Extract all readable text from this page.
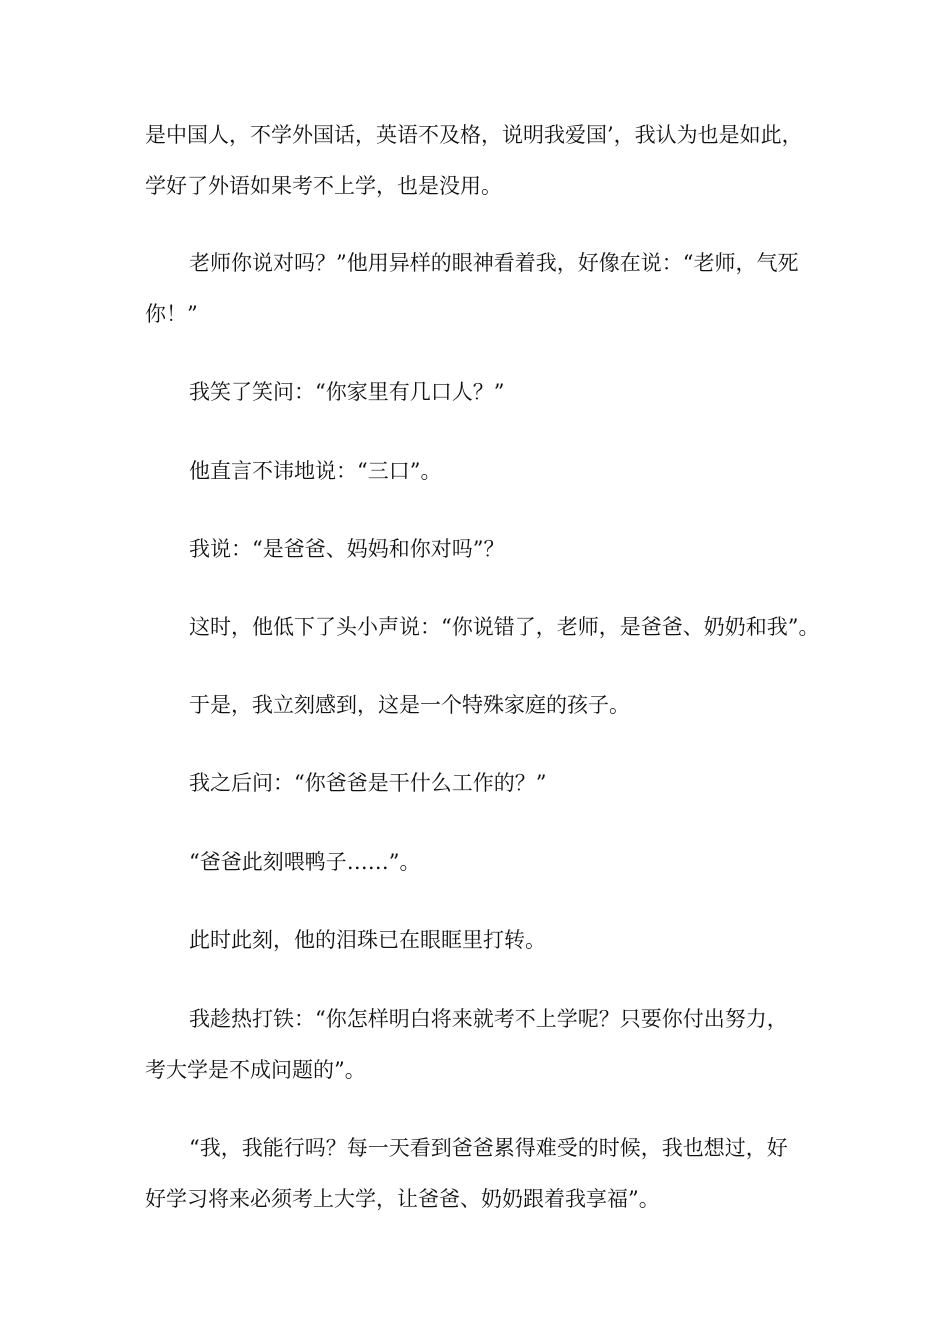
是中国人，不学外国话，英语不及格，说明我爱国’，我认为也是如此，
学好了外语如果考不上学，也是没用。

老师你说对吗？”他用异样的眼神看着我，好像在说：“老师，气死
你！”

我笑了笑问：“你家里有几口人？”

他直言不讳地说：“三口”。

我说：“是爸爸、妈妈和你对吗”？

这时，他低下了头小声说：“你说错了，老师，是爸爸、奶奶和我”。

于是，我立刻感到，这是一个特殊家庭的孩子。

我之后问：“你爸爸是干什么工作的？”

“爸爸此刻喂鸭子……”。

此时此刻，他的泪珠已在眼眶里打转。

我趁热打铁：“你怎样明白将来就考不上学呢？只要你付出努力，
考大学是不成问题的”。

“我，我能行吗？每一天看到爸爸累得难受的时候，我也想过，好
好学习将来必须考上大学，让爸爸、奶奶跟着我享福”。
